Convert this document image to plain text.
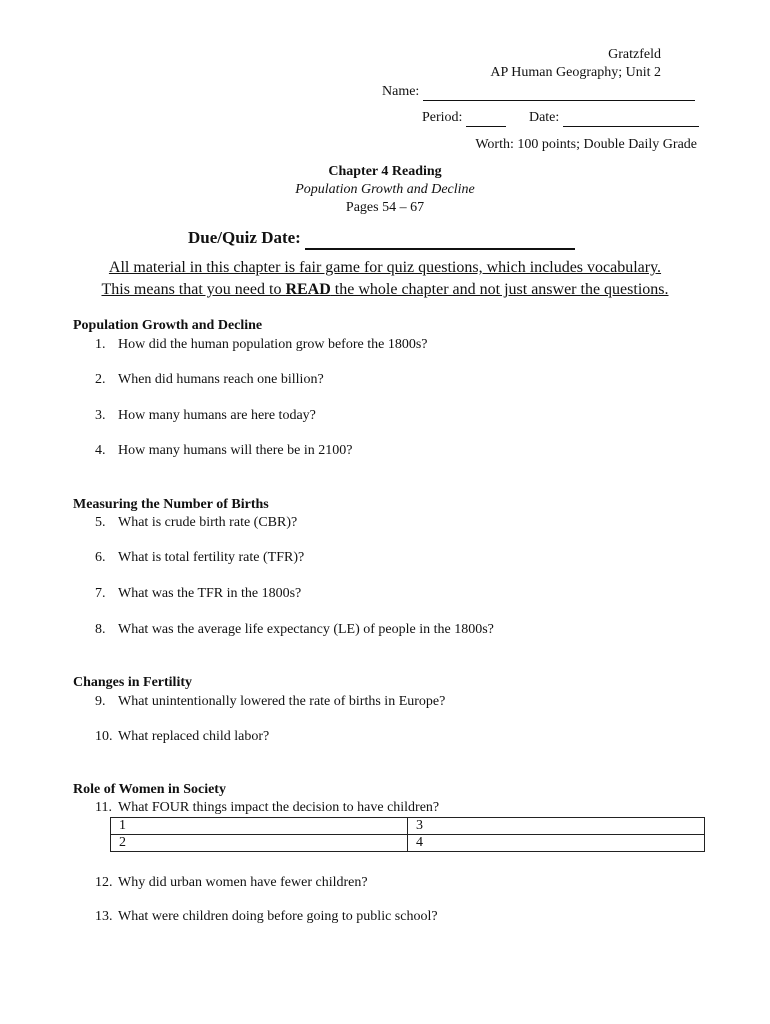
Gratzfeld
AP Human Geography; Unit 2
Name:
Period:	Date:
Worth: 100 points; Double Daily Grade
Chapter 4 Reading
Population Growth and Decline
Pages 54 – 67
Due/Quiz Date:
All material in this chapter is fair game for quiz questions, which includes vocabulary.
This means that you need to READ the whole chapter and not just answer the questions.
Population Growth and Decline
1. How did the human population grow before the 1800s?
2. When did humans reach one billion?
3. How many humans are here today?
4. How many humans will there be in 2100?
Measuring the Number of Births
5. What is crude birth rate (CBR)?
6. What is total fertility rate (TFR)?
7. What was the TFR in the 1800s?
8. What was the average life expectancy (LE) of people in the 1800s?
Changes in Fertility
9. What unintentionally lowered the rate of births in Europe?
10. What replaced child labor?
Role of Women in Society
11. What FOUR things impact the decision to have children?
1	3
2	4
12. Why did urban women have fewer children?
13. What were children doing before going to public school?
